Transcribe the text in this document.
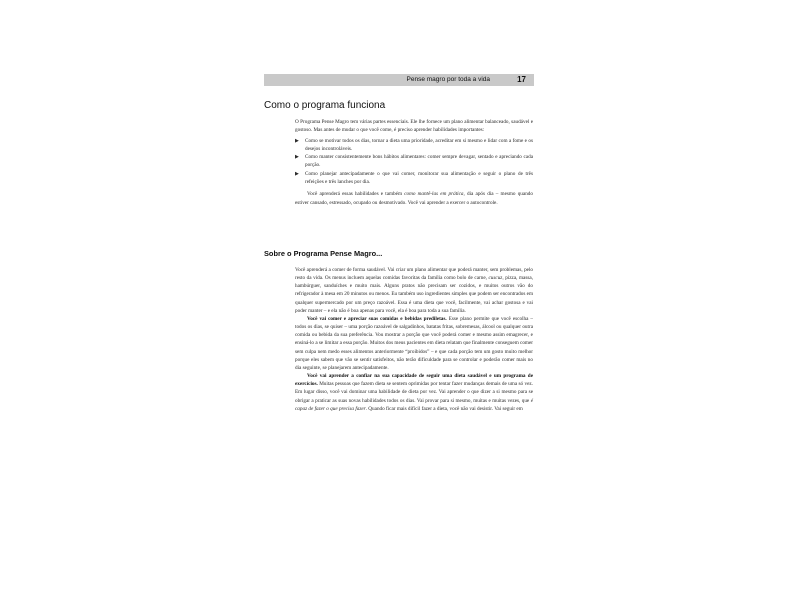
Pense magro por toda a vida	17
Como o programa funciona

O Programa Pense Magro tem várias partes essenciais. Ele lhe fornece um plano alimentar balanceado, saudável e gostoso. Mas antes de mudar o que você come, é preciso aprender habilidades importantes:

▶ Como se motivar todos os dias, tornar a dieta uma prioridade, acreditar em si mesmo e lidar com a fome e os desejos incontroláveis.
▶ Como manter consistentemente bons hábitos alimentares: comer sempre devagar, sentado e apreciando cada porção.
▶ Como planejar antecipadamente o que vai comer, monitorar sua alimentação e seguir o plano de três refeições e três lanches por dia.

Você aprenderá essas habilidades e também como mantê-las em prática, dia após dia – mesmo quando estiver cansado, estressado, ocupado ou desmotivado. Você vai aprender a exercer o autocontrole.

Sobre o Programa Pense Magro...

Você aprenderá a comer de forma saudável. Vai criar um plano alimentar que poderá manter, sem problemas, pelo resto da vida. Os menus incluem aquelas comidas favoritas da família como bolo de carne, cuscuz, pizza, massa, hambúrguer, sanduíches e muito mais. Alguns pratos não precisam ser cozidos, e muitos outros vão do refrigerador à mesa em 20 minutos ou menos. Eu também uso ingredientes simples que podem ser encontrados em qualquer supermercado por um preço razoável. Essa é uma dieta que você, facilmente, vai achar gostosa e vai poder manter – e ela não é boa apenas para você, ela é boa para toda a sua família.

Você vai comer e apreciar suas comidas e bebidas prediletas. Esse plano permite que você escolha – todos os dias, se quiser – uma porção razoável de salgadinhos, batatas fritas, sobremesas, álcool ou qualquer outra comida ou bebida da sua preferência. Vou mostrar a porção que você poderá comer e mesmo assim emagrecer, e ensiná-lo a se limitar a essa porção. Muitos dos meus pacientes em dieta relatam que finalmente conseguem comer sem culpa nem medo esses alimentos anteriormente “proibidos” – e que cada porção tem um gosto muito melhor porque eles sabem que vão se sentir satisfeitos, não terão dificuldade para se controlar e poderão comer mais no dia seguinte, se planejarem antecipadamente.

Você vai aprender a confiar na sua capacidade de seguir uma dieta saudável e um programa de exercícios. Muitas pessoas que fazem dieta se sentem oprimidas por tentar fazer mudanças demais de uma só vez. Em lugar disso, você vai dominar uma habilidade de dieta por vez. Vai aprender o que dizer a si mesmo para se obrigar a praticar as suas novas habilidades todos os dias. Vai provar para si mesmo, muitas e muitas vezes, que é capaz de fazer o que precisa fazer. Quando ficar mais difícil fazer a dieta, você não vai desistir. Vai seguir em
